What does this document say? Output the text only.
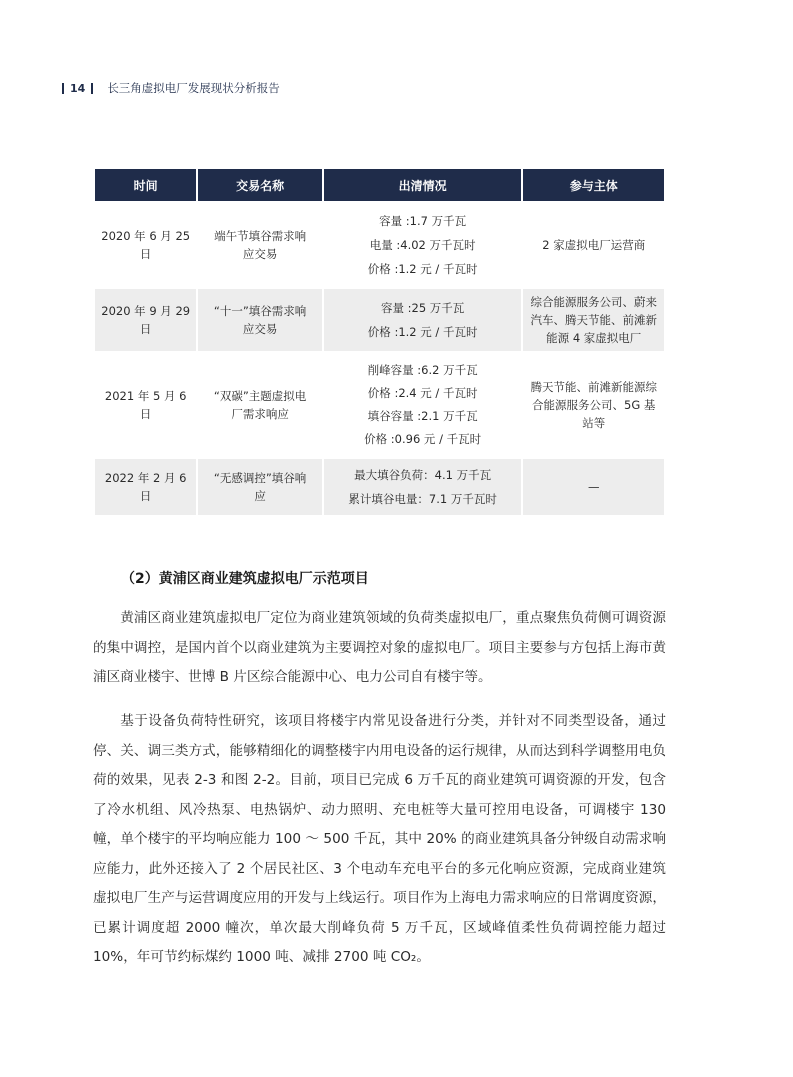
14 长三角虚拟电厂发展现状分析报告
时间	交易名称	出清情况	参与主体

2020 年 6 月 25 日	端午节填谷需求响应交易	容量 :1.7 万千瓦
电量 :4.02 万千瓦时
价格 :1.2 元 / 千瓦时	2 家虚拟电厂运营商

2020 年 9 月 29 日	“十一”填谷需求响应交易	容量 :25 万千瓦
价格 :1.2 元 / 千瓦时	综合能源服务公司、蔚来汽车、腾天节能、前滩新能源 4 家虚拟电厂

2021 年 5 月 6 日	“双碳”主题虚拟电厂需求响应	削峰容量 :6.2 万千瓦
价格 :2.4 元 / 千瓦时
填谷容量 :2.1 万千瓦
价格 :0.96 元 / 千瓦时	腾天节能、前滩新能源综合能源服务公司、5G 基站等

2022 年 2 月 6 日	“无感调控”填谷响应	最大填谷负荷：4.1 万千瓦
累计填谷电量：7.1 万千瓦时	—
（2）黄浦区商业建筑虚拟电厂示范项目

黄浦区商业建筑虚拟电厂定位为商业建筑领域的负荷类虚拟电厂，重点聚焦负荷侧可调资源的集中调控，是国内首个以商业建筑为主要调控对象的虚拟电厂。项目主要参与方包括上海市黄浦区商业楼宇、世博 B 片区综合能源中心、电力公司自有楼宇等。

基于设备负荷特性研究，该项目将楼宇内常见设备进行分类，并针对不同类型设备，通过停、关、调三类方式，能够精细化的调整楼宇内用电设备的运行规律，从而达到科学调整用电负荷的效果，见表 2-3 和图 2-2。目前，项目已完成 6 万千瓦的商业建筑可调资源的开发，包含了冷水机组、风冷热泵、电热锅炉、动力照明、充电桩等大量可控用电设备，可调楼宇 130 幢，单个楼宇的平均响应能力 100 ～ 500 千瓦，其中 20% 的商业建筑具备分钟级自动需求响应能力，此外还接入了 2 个居民社区、3 个电动车充电平台的多元化响应资源，完成商业建筑虚拟电厂生产与运营调度应用的开发与上线运行。项目作为上海电力需求响应的日常调度资源，已累计调度超 2000 幢次，单次最大削峰负荷 5 万千瓦，区域峰值柔性负荷调控能力超过 10%，年可节约标煤约 1000 吨、减排 2700 吨 CO₂。
